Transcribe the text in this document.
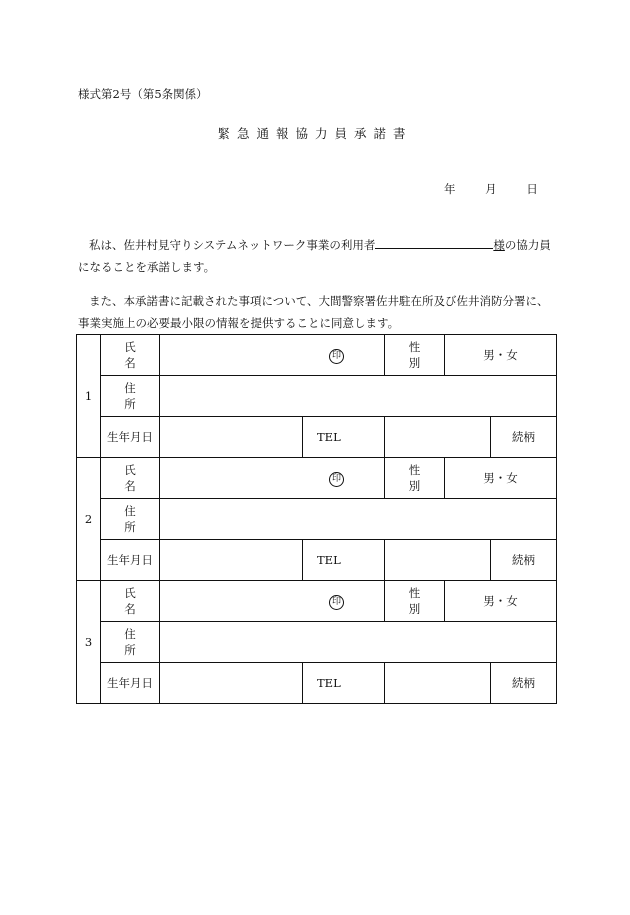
様式第2号（第5条関係）
緊急通報協力員承諾書
年	月	日
私は、佐井村見守りシステムネットワーク事業の利用者	様の協力員になることを承諾します。
また、本承諾書に記載された事項について、大間警察署佐井駐在所及び佐井消防分署に、事業実施上の必要最小限の情報を提供することに同意します。
1	氏 名	印		性 別	男・女		
	住 所						
	生年月日		TEL			続柄	
2	氏 名	印		性 別	男・女		
	住 所						
	生年月日		TEL			続柄	
3	氏 名	印		性 別	男・女		
	住 所						
	生年月日		TEL			続柄	
